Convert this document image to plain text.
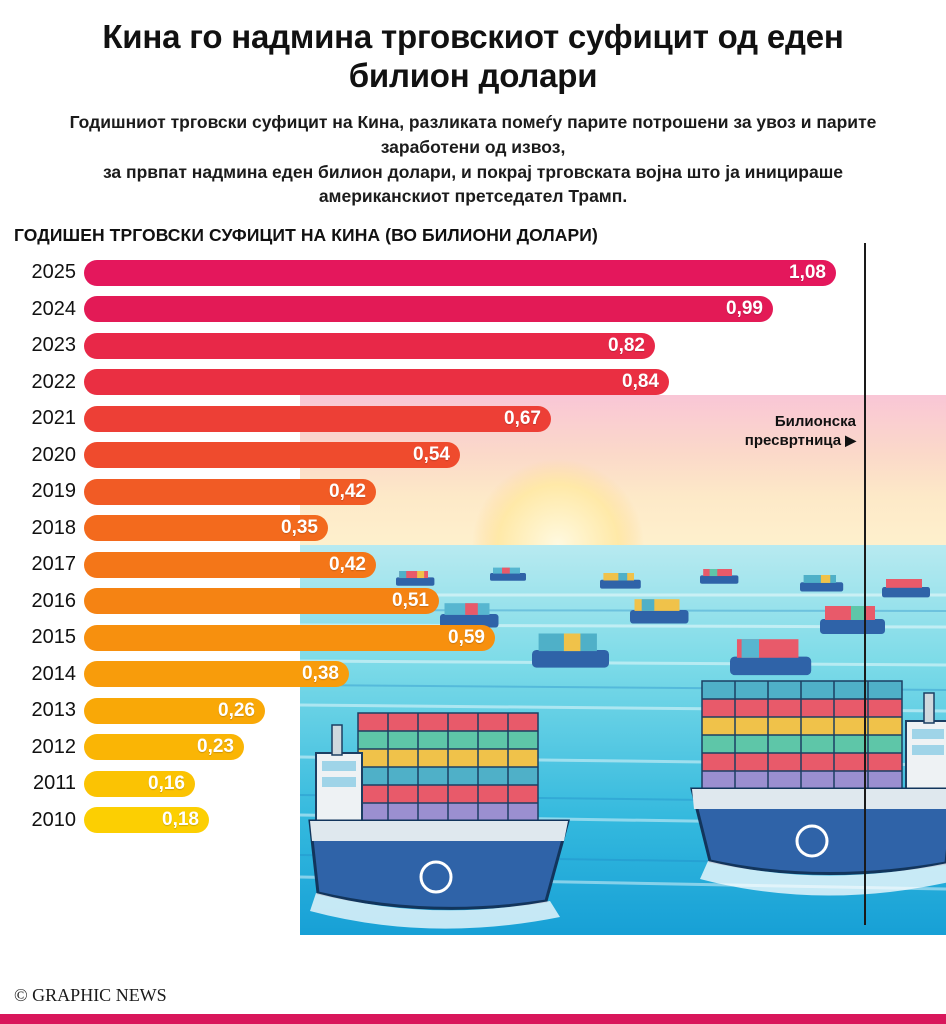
Кина го надмина трговскиот суфицит од еден билион долари
Годишниот трговски суфицит на Кина, разликата помеѓу парите потрошени за увоз и парите заработени од извоз,
за првпат надмина еден билион долари, и покрај трговската војна што ја иницираше американскиот претседател Трамп.
ГОДИШЕН ТРГОВСКИ СУФИЦИТ НА КИНА (ВО БИЛИОНИ ДОЛАРИ)
Билионска пресвртница ▶
2025	1,08
2024	0,99
2023	0,82
2022	0,84
2021	0,67
2020	0,54
2019	0,42
2018	0,35
2017	0,42
2016	0,51
2015	0,59
2014	0,38
2013	0,26
2012	0,23
2011	0,16
2010	0,18
© GRAPHIC NEWS
